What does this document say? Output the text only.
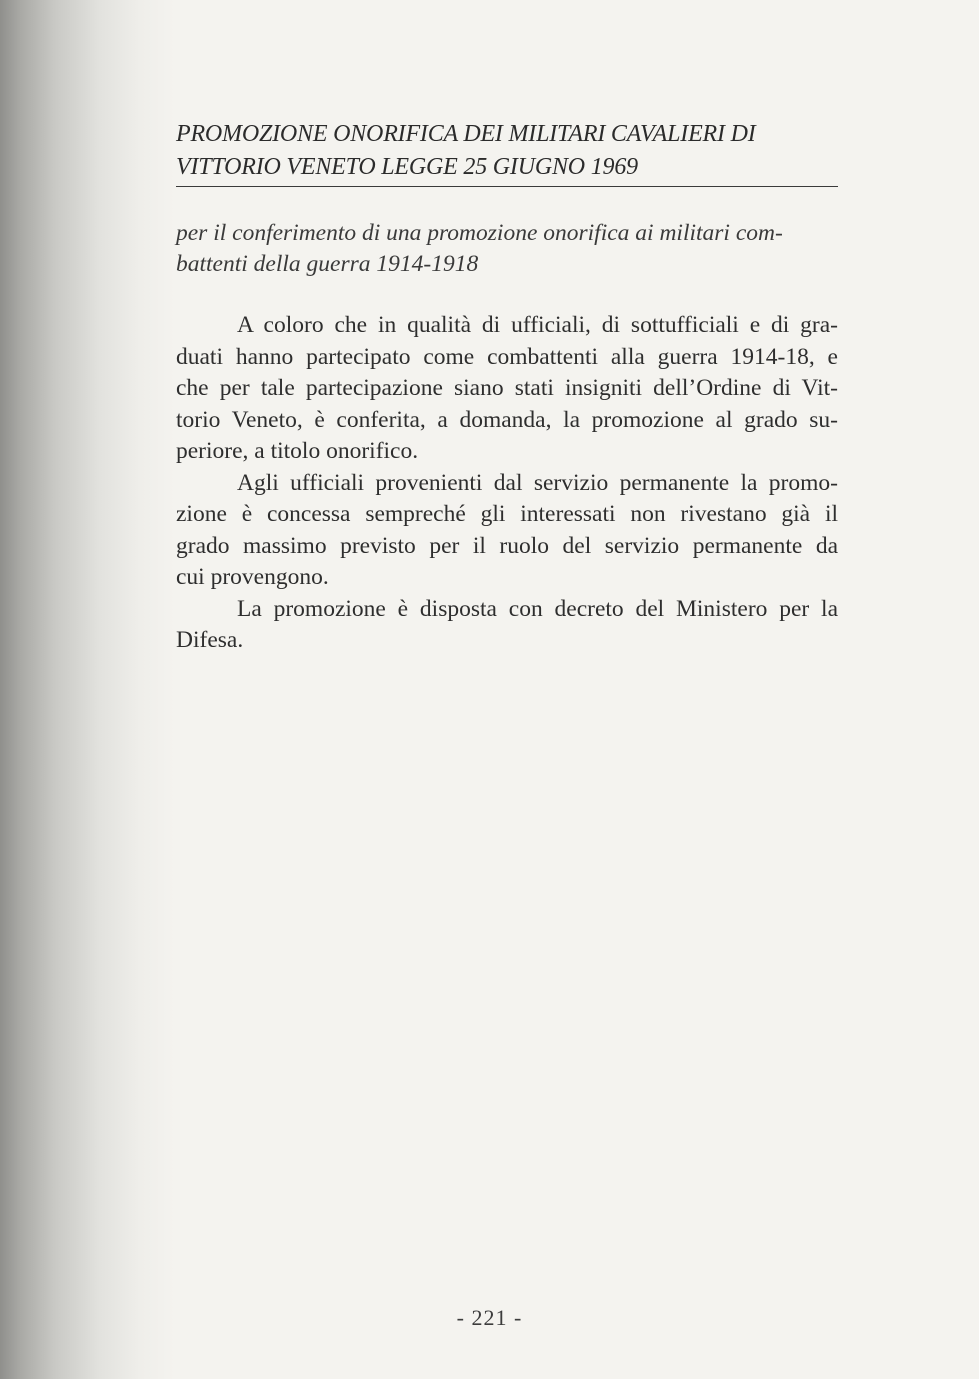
PROMOZIONE ONORIFICA DEI MILITARI CAVALIERI DI
VITTORIO VENETO LEGGE 25 GIUGNO 1969

per il conferimento di una promozione onorifica ai militari com-
battenti della guerra 1914-1918

A coloro che in qualità di ufficiali, di sottufficiali e di gra-
duati hanno partecipato come combattenti alla guerra 1914-18, e
che per tale partecipazione siano stati insigniti dell’Ordine di Vit-
torio Veneto, è conferita, a domanda, la promozione al grado su-
periore, a titolo onorifico.

Agli ufficiali provenienti dal servizio permanente la promo-
zione è concessa sempreché gli interessati non rivestano già il
grado massimo previsto per il ruolo del servizio permanente da
cui provengono.

La promozione è disposta con decreto del Ministero per la
Difesa.

- 221 -
